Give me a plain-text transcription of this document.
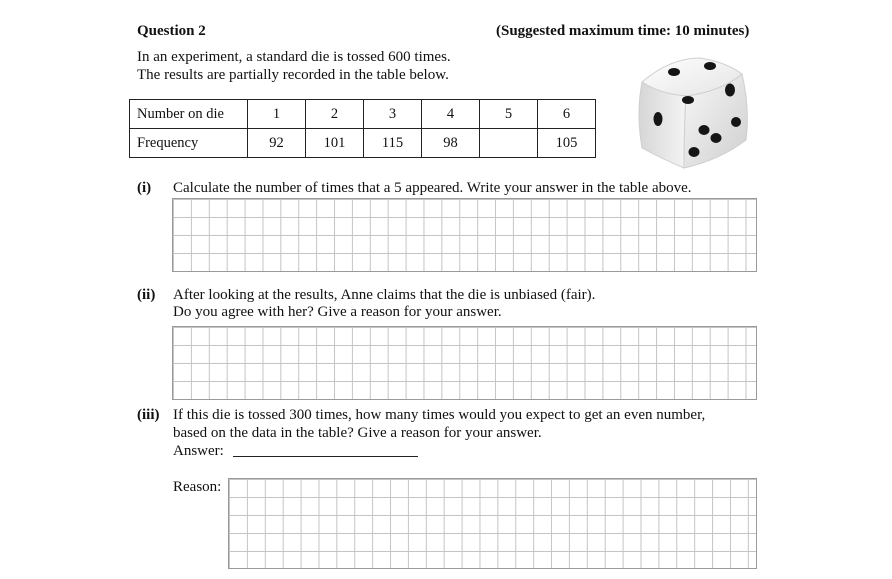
Question 2	(Suggested maximum time: 10 minutes)
In an experiment, a standard die is tossed 600 times.
The results are partially recorded in the table below.
Number on die	1	2	3	4	5	6
Frequency	92	101	115	98		105
(i) Calculate the number of times that a 5 appeared. Write your answer in the table above.
(ii) After looking at the results, Anne claims that the die is unbiased (fair).
Do you agree with her? Give a reason for your answer.
(iii) If this die is tossed 300 times, how many times would you expect to get an even number,
based on the data in the table? Give a reason for your answer.
Answer:
Reason:
